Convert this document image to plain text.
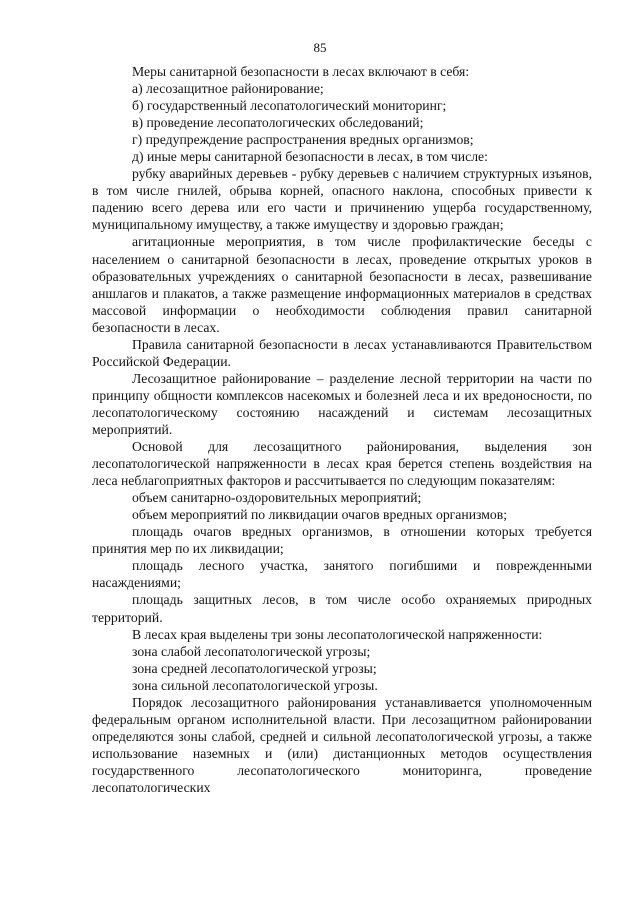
85

Меры санитарной безопасности в лесах включают в себя:

а) лесозащитное районирование;

б) государственный лесопатологический мониторинг;

в) проведение лесопатологических обследований;

г) предупреждение распространения вредных организмов;

д) иные меры санитарной безопасности в лесах, в том числе:

рубку аварийных деревьев - рубку деревьев с наличием структурных изъянов, в том числе гнилей, обрыва корней, опасного наклона, способных привести к падению всего дерева или его части и причинению ущерба государственному, муниципальному имуществу, а также имуществу и здоровью граждан;

агитационные мероприятия, в том числе профилактические беседы с населением о санитарной безопасности в лесах, проведение открытых уроков в образовательных учреждениях о санитарной безопасности в лесах, развешивание аншлагов и плакатов, а также размещение информационных материалов в средствах массовой информации о необходимости соблюдения правил санитарной безопасности в лесах.

Правила санитарной безопасности в лесах устанавливаются Правительством Российской Федерации.

Лесозащитное районирование – разделение лесной территории на части по принципу общности комплексов насекомых и болезней леса и их вредоносности, по лесопатологическому состоянию насаждений и системам лесозащитных мероприятий.

Основой для лесозащитного районирования, выделения зон лесопатологической напряженности в лесах края берется степень воздействия на леса неблагоприятных факторов и рассчитывается по следующим показателям:

объем санитарно-оздоровительных мероприятий;

объем мероприятий по ликвидации очагов вредных организмов;

площадь очагов вредных организмов, в отношении которых требуется принятия мер по их ликвидации;

площадь лесного участка, занятого погибшими и поврежденными насаждениями;

площадь защитных лесов, в том числе особо охраняемых природных территорий.

В лесах края выделены три зоны лесопатологической напряженности:

зона слабой лесопатологической угрозы;

зона средней лесопатологической угрозы;

зона сильной лесопатологической угрозы.

Порядок лесозащитного районирования устанавливается уполномоченным федеральным органом исполнительной власти. При лесозащитном районировании определяются зоны слабой, средней и сильной лесопатологической угрозы, а также использование наземных и (или) дистанционных методов осуществления государственного лесопатологического мониторинга, проведение лесопатологических
